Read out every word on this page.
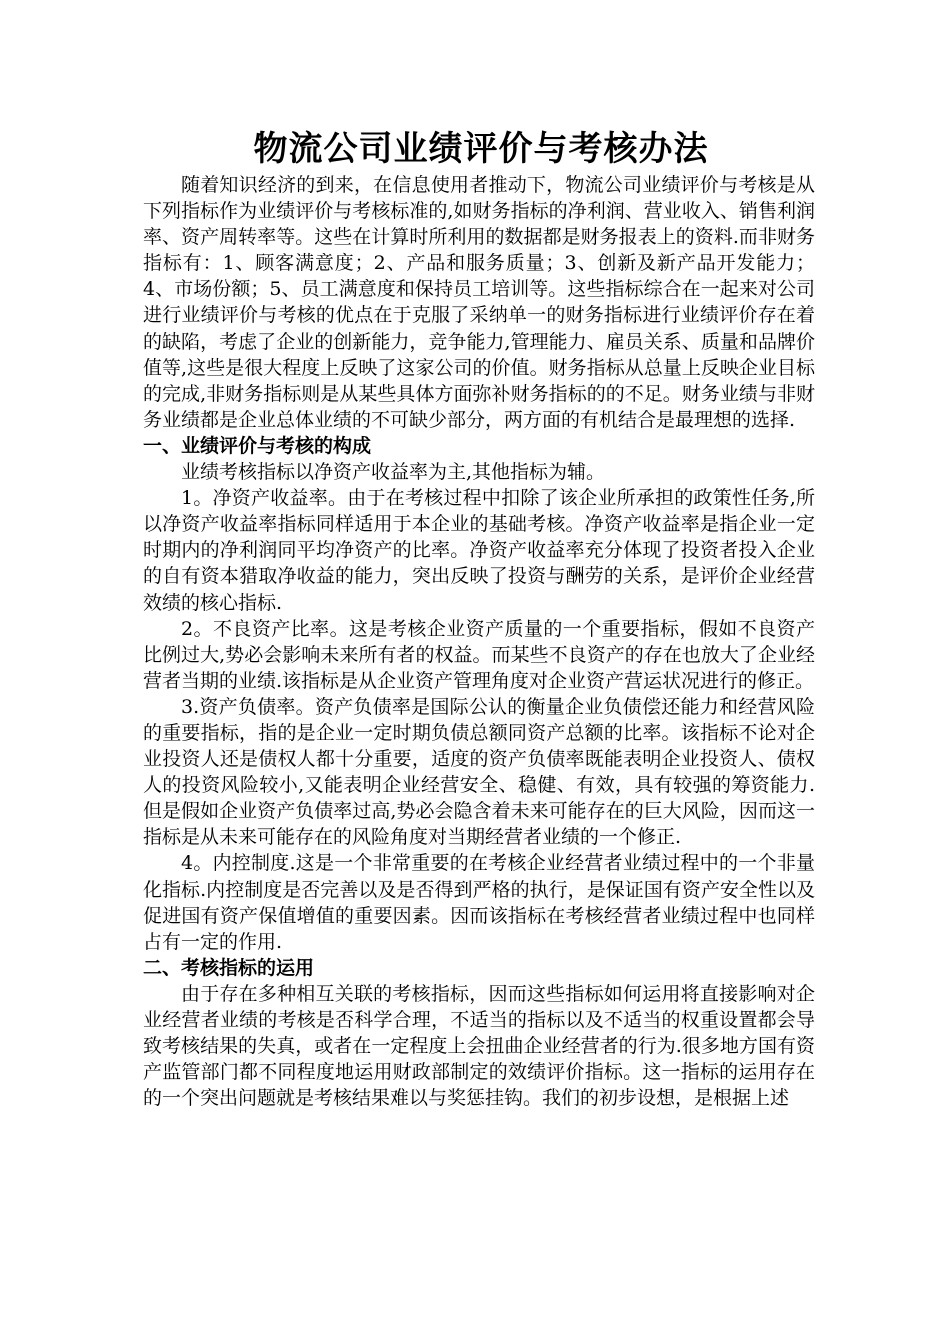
物流公司业绩评价与考核办法

随着知识经济的到来，在信息使用者推动下，物流公司业绩评价与考核是从下列指标作为业绩评价与考核标准的,如财务指标的净利润、营业收入、销售利润率、资产周转率等。这些在计算时所利用的数据都是财务报表上的资料.而非财务指标有：1、顾客满意度；2、产品和服务质量；3、创新及新产品开发能力；4、市场份额；5、员工满意度和保持员工培训等。这些指标综合在一起来对公司进行业绩评价与考核的优点在于克服了采纳单一的财务指标进行业绩评价存在着的缺陷，考虑了企业的创新能力，竞争能力,管理能力、雇员关系、质量和品牌价值等,这些是很大程度上反映了这家公司的价值。财务指标从总量上反映企业目标的完成,非财务指标则是从某些具体方面弥补财务指标的的不足。财务业绩与非财务业绩都是企业总体业绩的不可缺少部分，两方面的有机结合是最理想的选择.

一、业绩评价与考核的构成

业绩考核指标以净资产收益率为主,其他指标为辅。

1。净资产收益率。由于在考核过程中扣除了该企业所承担的政策性任务,所以净资产收益率指标同样适用于本企业的基础考核。净资产收益率是指企业一定时期内的净利润同平均净资产的比率。净资产收益率充分体现了投资者投入企业的自有资本猎取净收益的能力，突出反映了投资与酬劳的关系，是评价企业经营效绩的核心指标.

2。不良资产比率。这是考核企业资产质量的一个重要指标，假如不良资产比例过大,势必会影响未来所有者的权益。而某些不良资产的存在也放大了企业经营者当期的业绩.该指标是从企业资产管理角度对企业资产营运状况进行的修正。

3.资产负债率。资产负债率是国际公认的衡量企业负债偿还能力和经营风险的重要指标，指的是企业一定时期负债总额同资产总额的比率。该指标不论对企业投资人还是债权人都十分重要，适度的资产负债率既能表明企业投资人、债权人的投资风险较小,又能表明企业经营安全、稳健、有效，具有较强的筹资能力.但是假如企业资产负债率过高,势必会隐含着未来可能存在的巨大风险，因而这一指标是从未来可能存在的风险角度对当期经营者业绩的一个修正.

4。内控制度.这是一个非常重要的在考核企业经营者业绩过程中的一个非量化指标.内控制度是否完善以及是否得到严格的执行，是保证国有资产安全性以及促进国有资产保值增值的重要因素。因而该指标在考核经营者业绩过程中也同样占有一定的作用.

二、考核指标的运用

由于存在多种相互关联的考核指标，因而这些指标如何运用将直接影响对企业经营者业绩的考核是否科学合理，不适当的指标以及不适当的权重设置都会导致考核结果的失真，或者在一定程度上会扭曲企业经营者的行为.很多地方国有资产监管部门都不同程度地运用财政部制定的效绩评价指标。这一指标的运用存在的一个突出问题就是考核结果难以与奖惩挂钩。我们的初步设想，是根据上述
